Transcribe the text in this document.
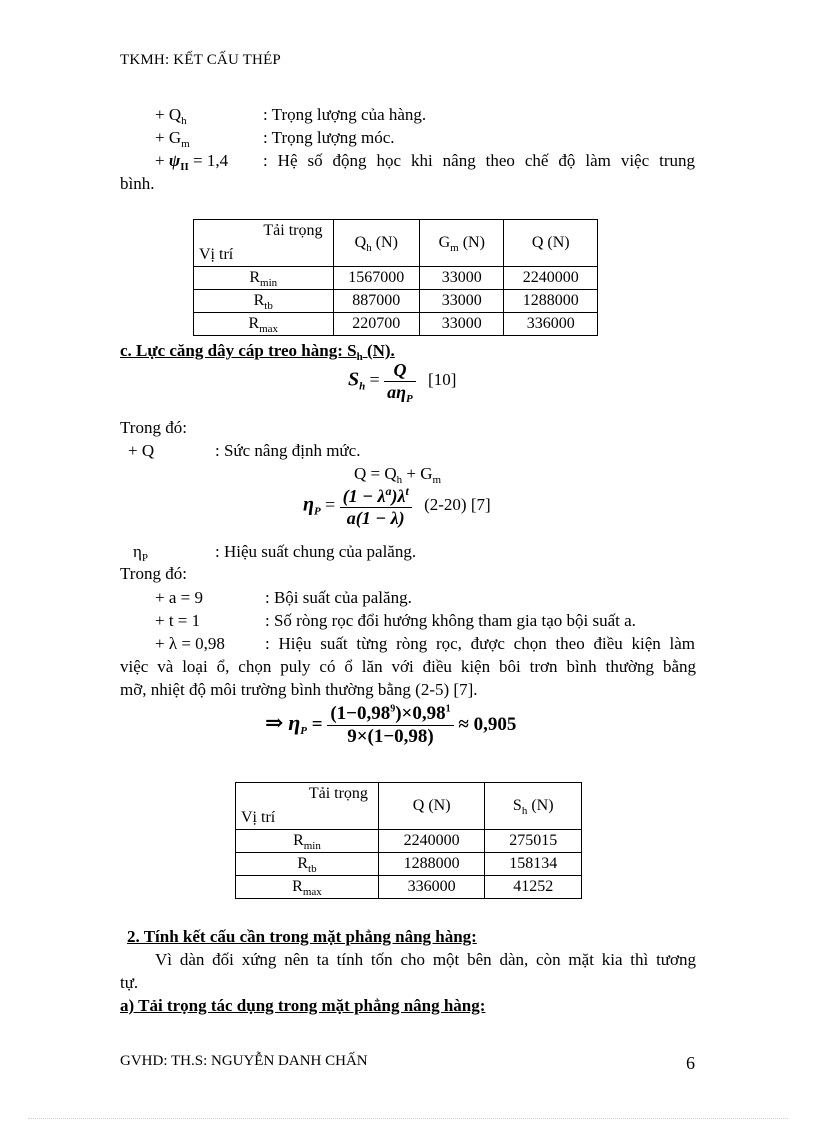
TKMH: KẾT CẤU THÉP
+ $Q_h$	: Trọng lượng của hàng.
+ $G_m$	: Trọng lượng móc.
+ $\psi_{II} = 1,4$ : Hệ số động học khi nâng theo chế độ làm việc trung
bình.
Tải trọng
Vị trí	$Q_h$ (N)	$G_m$ (N)	Q (N)
$R_{min}$	1567000	33000	2240000
$R_{tb}$	887000	33000	1288000
$R_{max}$	220700	33000	336000
c. Lực căng dây cáp treo hàng: $S_h$ (N).
$S_h = \frac{Q}{a\eta_P} [10]$
Trong đó:
+ Q	: Sức nâng định mức.
$Q = Q_h + G_m$
$\eta_P = \frac{(1 - \lambda^a)\lambda^t}{a(1 - \lambda)} (2-20)$ [7]
$\eta_P$	: Hiệu suất chung của palăng.
Trong đó:
+ a = 9	: Bội suất của palăng.
+ t = 1	: Số ròng rọc đổi hướng không tham gia tạo bội suất a.
+ λ = 0,98 : Hiệu suất từng ròng rọc, được chọn theo điều kiện làm
việc và loại ổ, chọn puly có ổ lăn với điều kiện bôi trơn bình thường bằng
mỡ, nhiệt độ môi trường bình thường bằng (2-5) [7].
⇒ $\eta_P = \frac{(1-0,98^9)\times 0,98^1}{9\times(1-0,98)} \approx 0,905$
Tải trọng
Vị trí	Q (N)	$S_h$ (N)
$R_{min}$	2240000	275015
$R_{tb}$	1288000	158134
$R_{max}$	336000	41252
2. Tính kết cấu cần trong mặt phẳng nâng hàng:
Vì dàn đối xứng nên ta tính tốn cho một bên dàn, còn mặt kia thì tương
tự.
a) Tải trọng tác dụng trong mặt phẳng nâng hàng:
GVHD: TH.S: NGUYỄN DANH CHẤN	6
